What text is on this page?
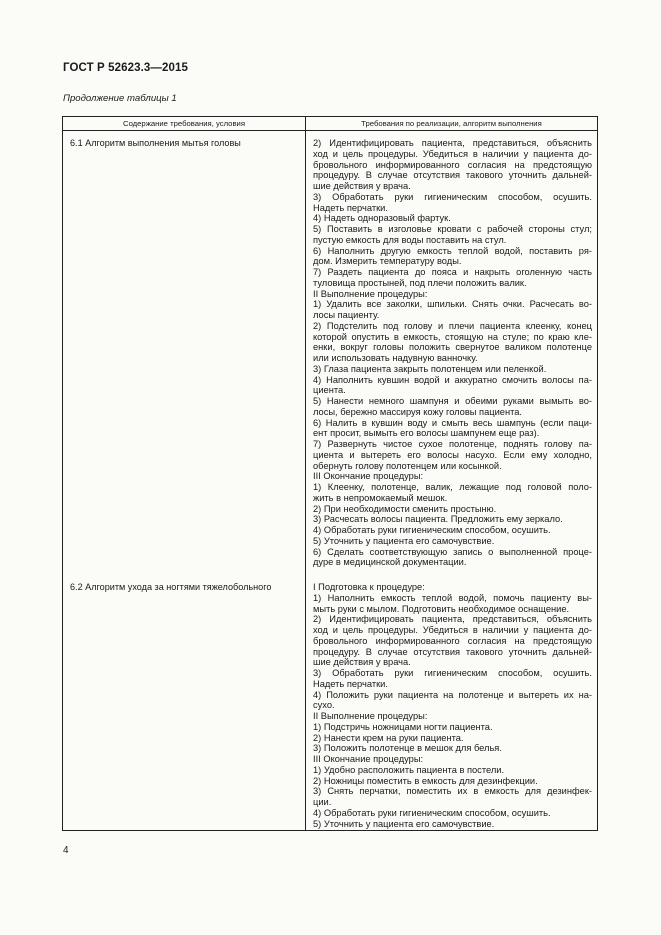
ГОСТ Р 52623.3—2015
Продолжение таблицы 1
Содержание требования, условия	Требования по реализации, алгоритм выполнения
6.1 Алгоритм выполнения мытья головы	2) Идентифицировать пациента, представиться, объяснить
ход и цель процедуры. Убедиться в наличии у пациента до-
бровольного информированного согласия на предстоящую
процедуру. В случае отсутствия такового уточнить дальней-
шие действия у врача.
3) Обработать руки гигиеническим способом, осушить.
Надеть перчатки.
4) Надеть одноразовый фартук.
5) Поставить в изголовье кровати с рабочей стороны стул;
пустую емкость для воды поставить на стул.
6) Наполнить другую емкость теплой водой, поставить ря-
дом. Измерить температуру воды.
7) Раздеть пациента до пояса и накрыть оголенную часть
туловища простыней, под плечи положить валик.
II Выполнение процедуры:
1) Удалить все заколки, шпильки. Снять очки. Расчесать во-
лосы пациенту.
2) Подстелить под голову и плечи пациента клеенку, конец
которой опустить в емкость, стоящую на стуле; по краю кле-
енки, вокруг головы положить свернутое валиком полотенце
или использовать надувную ванночку.
3) Глаза пациента закрыть полотенцем или пеленкой.
4) Наполнить кувшин водой и аккуратно смочить волосы па-
циента.
5) Нанести немного шампуня и обеими руками вымыть во-
лосы, бережно массируя кожу головы пациента.
6) Налить в кувшин воду и смыть весь шампунь (если паци-
ент просит, вымыть его волосы шампунем еще раз).
7) Развернуть чистое сухое полотенце, поднять голову па-
циента и вытереть его волосы насухо. Если ему холодно,
обернуть голову полотенцем или косынкой.
III Окончание процедуры:
1) Клеенку, полотенце, валик, лежащие под головой поло-
жить в непромокаемый мешок.
2) При необходимости сменить простыню.
3) Расчесать волосы пациента. Предложить ему зеркало.
4) Обработать руки гигиеническим способом, осушить.
5) Уточнить у пациента его самочувствие.
6) Сделать соответствующую запись о выполненной проце-
дуре в медицинской документации.
6.2 Алгоритм ухода за ногтями тяжелобольного	I Подготовка к процедуре:
1) Наполнить емкость теплой водой, помочь пациенту вы-
мыть руки с мылом. Подготовить необходимое оснащение.
2) Идентифицировать пациента, представиться, объяснить
ход и цель процедуры. Убедиться в наличии у пациента до-
бровольного информированного согласия на предстоящую
процедуру. В случае отсутствия такового уточнить дальней-
шие действия у врача.
3) Обработать руки гигиеническим способом, осушить.
Надеть перчатки.
4) Положить руки пациента на полотенце и вытереть их на-
сухо.
II Выполнение процедуры:
1) Подстричь ножницами ногти пациента.
2) Нанести крем на руки пациента.
3) Положить полотенце в мешок для белья.
III Окончание процедуры:
1) Удобно расположить пациента в постели.
2) Ножницы поместить в емкость для дезинфекции.
3) Снять перчатки, поместить их в емкость для дезинфек-
ции.
4) Обработать руки гигиеническим способом, осушить.
5) Уточнить у пациента его самочувствие.
4
